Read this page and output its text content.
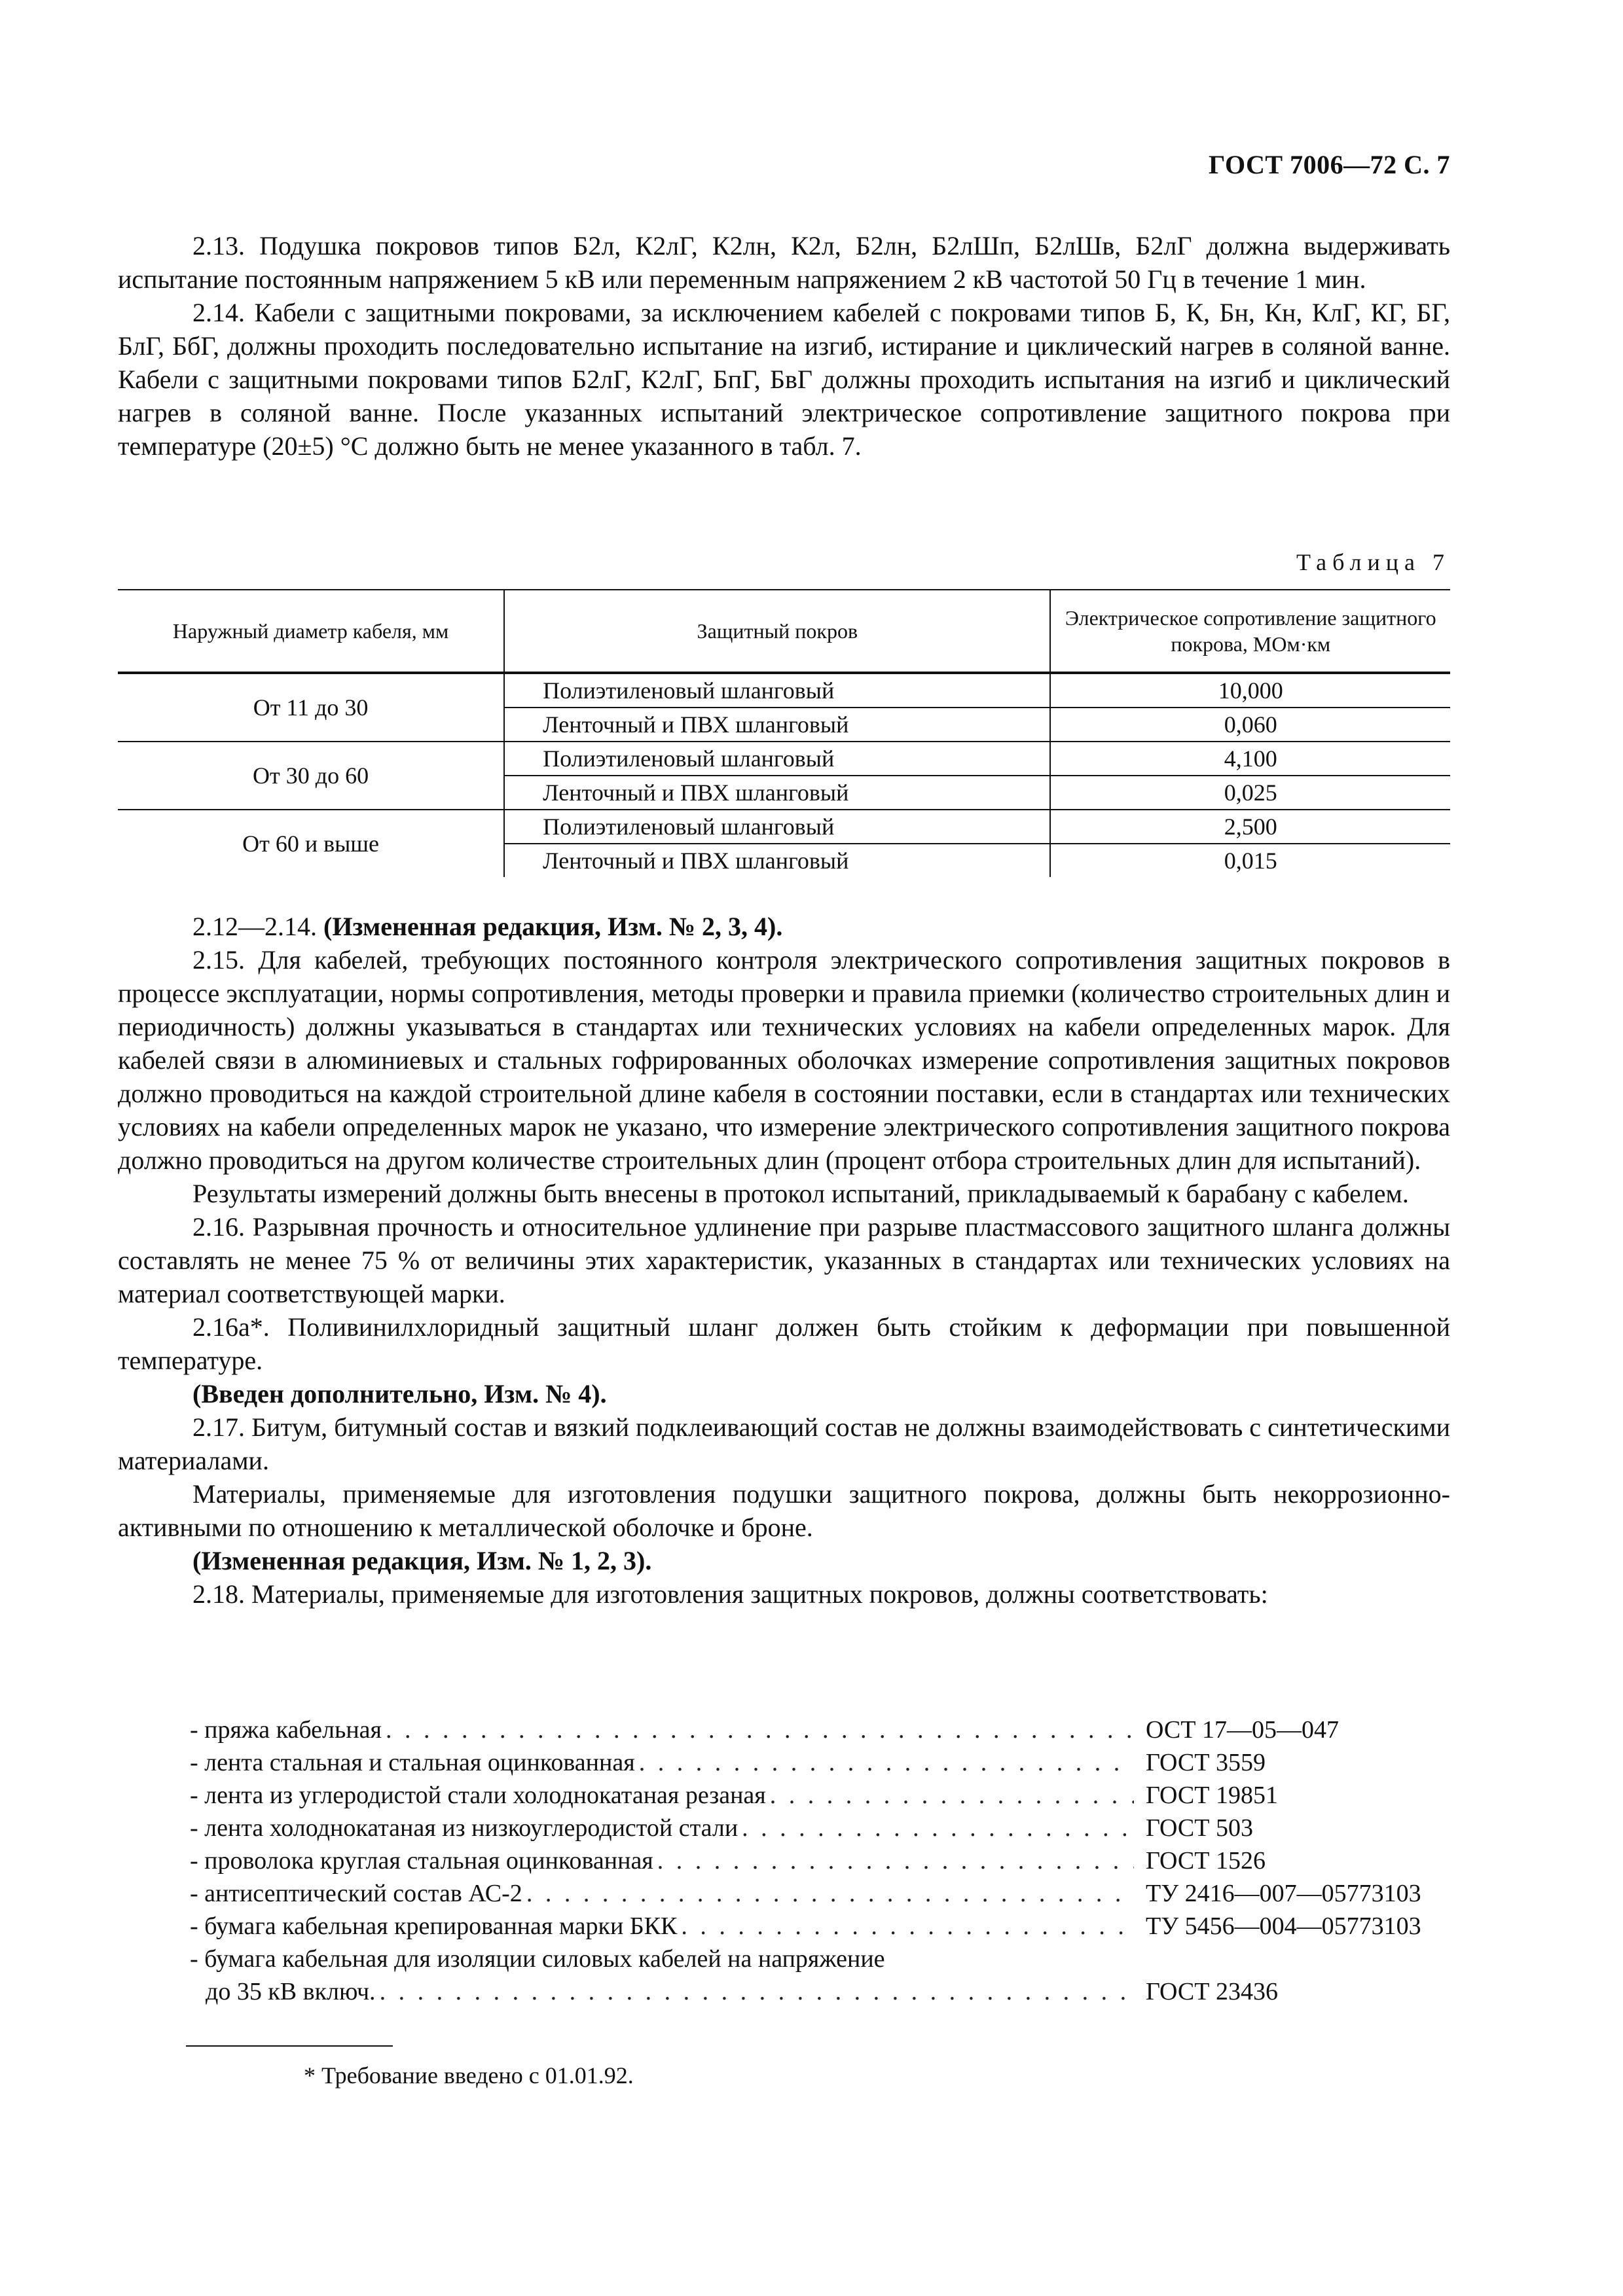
ГОСТ 7006—72 С. 7

2.13. Подушка покровов типов Б2л, К2лГ, К2лн, К2л, Б2лн, Б2лШп, Б2лШв, Б2лГ должна выдерживать испытание постоянным напряжением 5 кВ или переменным напряжением 2 кВ частотой 50 Гц в течение 1 мин.

2.14. Кабели с защитными покровами, за исключением кабелей с покровами типов Б, К, Бн, Кн, КлГ, КГ, БГ, БлГ, БбГ, должны проходить последовательно испытание на изгиб, истирание и циклический нагрев в соляной ванне. Кабели с защитными покровами типов Б2лГ, К2лГ, БпГ, БвГ должны проходить испытания на изгиб и циклический нагрев в соляной ванне. После указанных испытаний электрическое сопротивление защитного покрова при температуре (20±5) °С должно быть не менее указанного в табл. 7.

Таблица 7
Наружный диаметр кабеля, мм	Защитный покров	Электрическое сопротивление защитного покрова, МОм·км
От 11 до 30	Полиэтиленовый шланговый	10,000
	Ленточный и ПВХ шланговый	0,060
От 30 до 60	Полиэтиленовый шланговый	4,100
	Ленточный и ПВХ шланговый	0,025
От 60 и выше	Полиэтиленовый шланговый	2,500
	Ленточный и ПВХ шланговый	0,015

2.12—2.14. (Измененная редакция, Изм. № 2, 3, 4).

2.15. Для кабелей, требующих постоянного контроля электрического сопротивления защитных покровов в процессе эксплуатации, нормы сопротивления, методы проверки и правила приемки (количество строительных длин и периодичность) должны указываться в стандартах или технических условиях на кабели определенных марок. Для кабелей связи в алюминиевых и стальных гофрированных оболочках измерение сопротивления защитных покровов должно проводиться на каждой строительной длине кабеля в состоянии поставки, если в стандартах или технических условиях на кабели определенных марок не указано, что измерение электрического сопротивления защитного покрова должно проводиться на другом количестве строительных длин (процент отбора строительных длин для испытаний).

Результаты измерений должны быть внесены в протокол испытаний, прикладываемый к барабану с кабелем.

2.16. Разрывная прочность и относительное удлинение при разрыве пластмассового защитного шланга должны составлять не менее 75 % от величины этих характеристик, указанных в стандартах или технических условиях на материал соответствующей марки.

2.16а*. Поливинилхлоридный защитный шланг должен быть стойким к деформации при повышенной температуре.

(Введен дополнительно, Изм. № 4).

2.17. Битум, битумный состав и вязкий подклеивающий состав не должны взаимодействовать с синтетическими материалами.

Материалы, применяемые для изготовления подушки защитного покрова, должны быть некоррозионно-активными по отношению к металлической оболочке и броне.

(Измененная редакция, Изм. № 1, 2, 3).

2.18. Материалы, применяемые для изготовления защитных покровов, должны соответствовать:

- пряжа кабельная . . .	ОСТ 17—05—047
- лента стальная и стальная оцинкованная . . .	ГОСТ 3559
- лента из углеродистой стали холоднокатаная резаная . . .	ГОСТ 19851
- лента холоднокатаная из низкоуглеродистой стали . . .	ГОСТ 503
- проволока круглая стальная оцинкованная . . .	ГОСТ 1526
- антисептический состав АС-2 . . .	ТУ 2416—007—05773103
- бумага кабельная крепированная марки БКК . . .	ТУ 5456—004—05773103
- бумага кабельная для изоляции силовых кабелей на напряжение
до 35 кВ включ. . . .	ГОСТ 23436
* Требование введено с 01.01.92.
